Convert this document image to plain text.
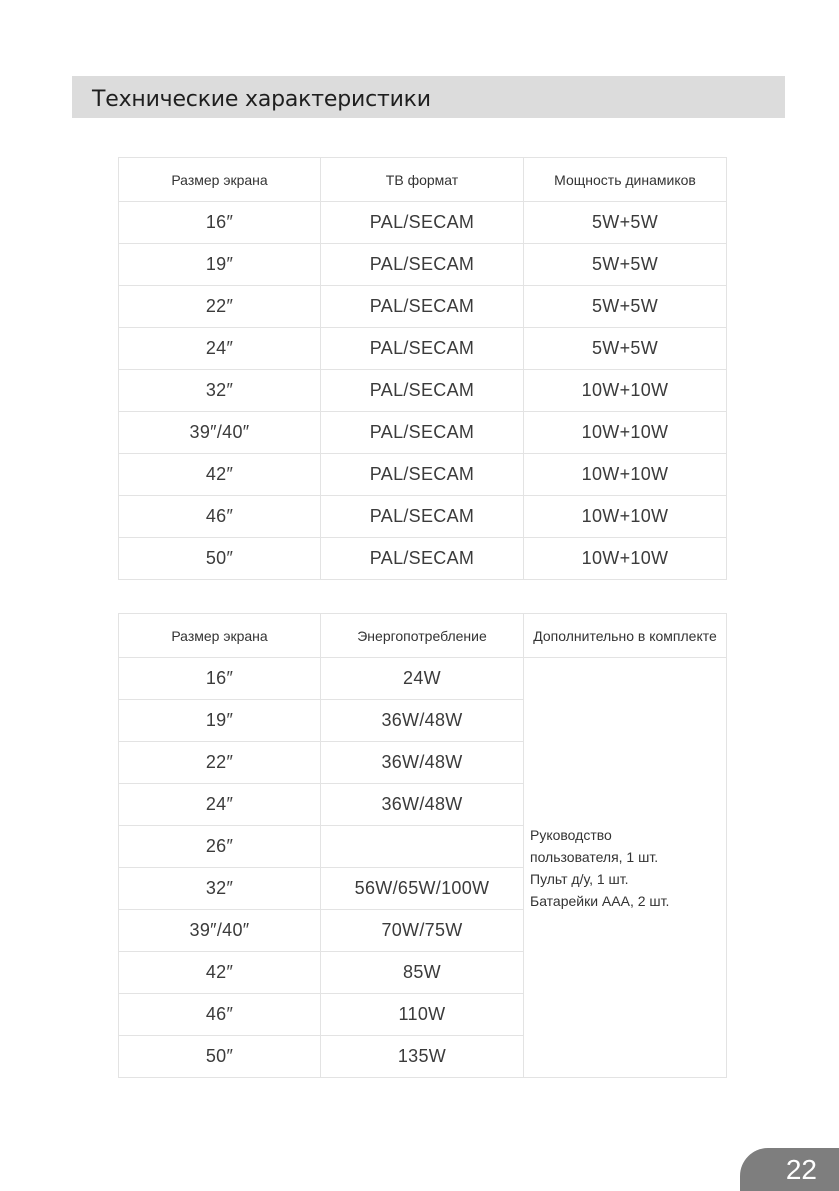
Технические характеристики
Размер экрана	ТВ формат	Мощность динамиков
16″	PAL/SECAM	5W+5W
19″	PAL/SECAM	5W+5W
22″	PAL/SECAM	5W+5W
24″	PAL/SECAM	5W+5W
32″	PAL/SECAM	10W+10W
39″/40″	PAL/SECAM	10W+10W
42″	PAL/SECAM	10W+10W
46″	PAL/SECAM	10W+10W
50″	PAL/SECAM	10W+10W
Размер экрана	Энергопотребление	Дополнительно в комплекте
16″	24W	Руководство
пользователя, 1 шт.
Пульт д/у, 1 шт.
Батарейки ААА, 2 шт.

19″	36W/48W	
22″	36W/48W	
24″	36W/48W	
26″		
32″	56W/65W/100W	
39″/40″	70W/75W	
42″	85W	
46″	110W	
50″	135W	
22
